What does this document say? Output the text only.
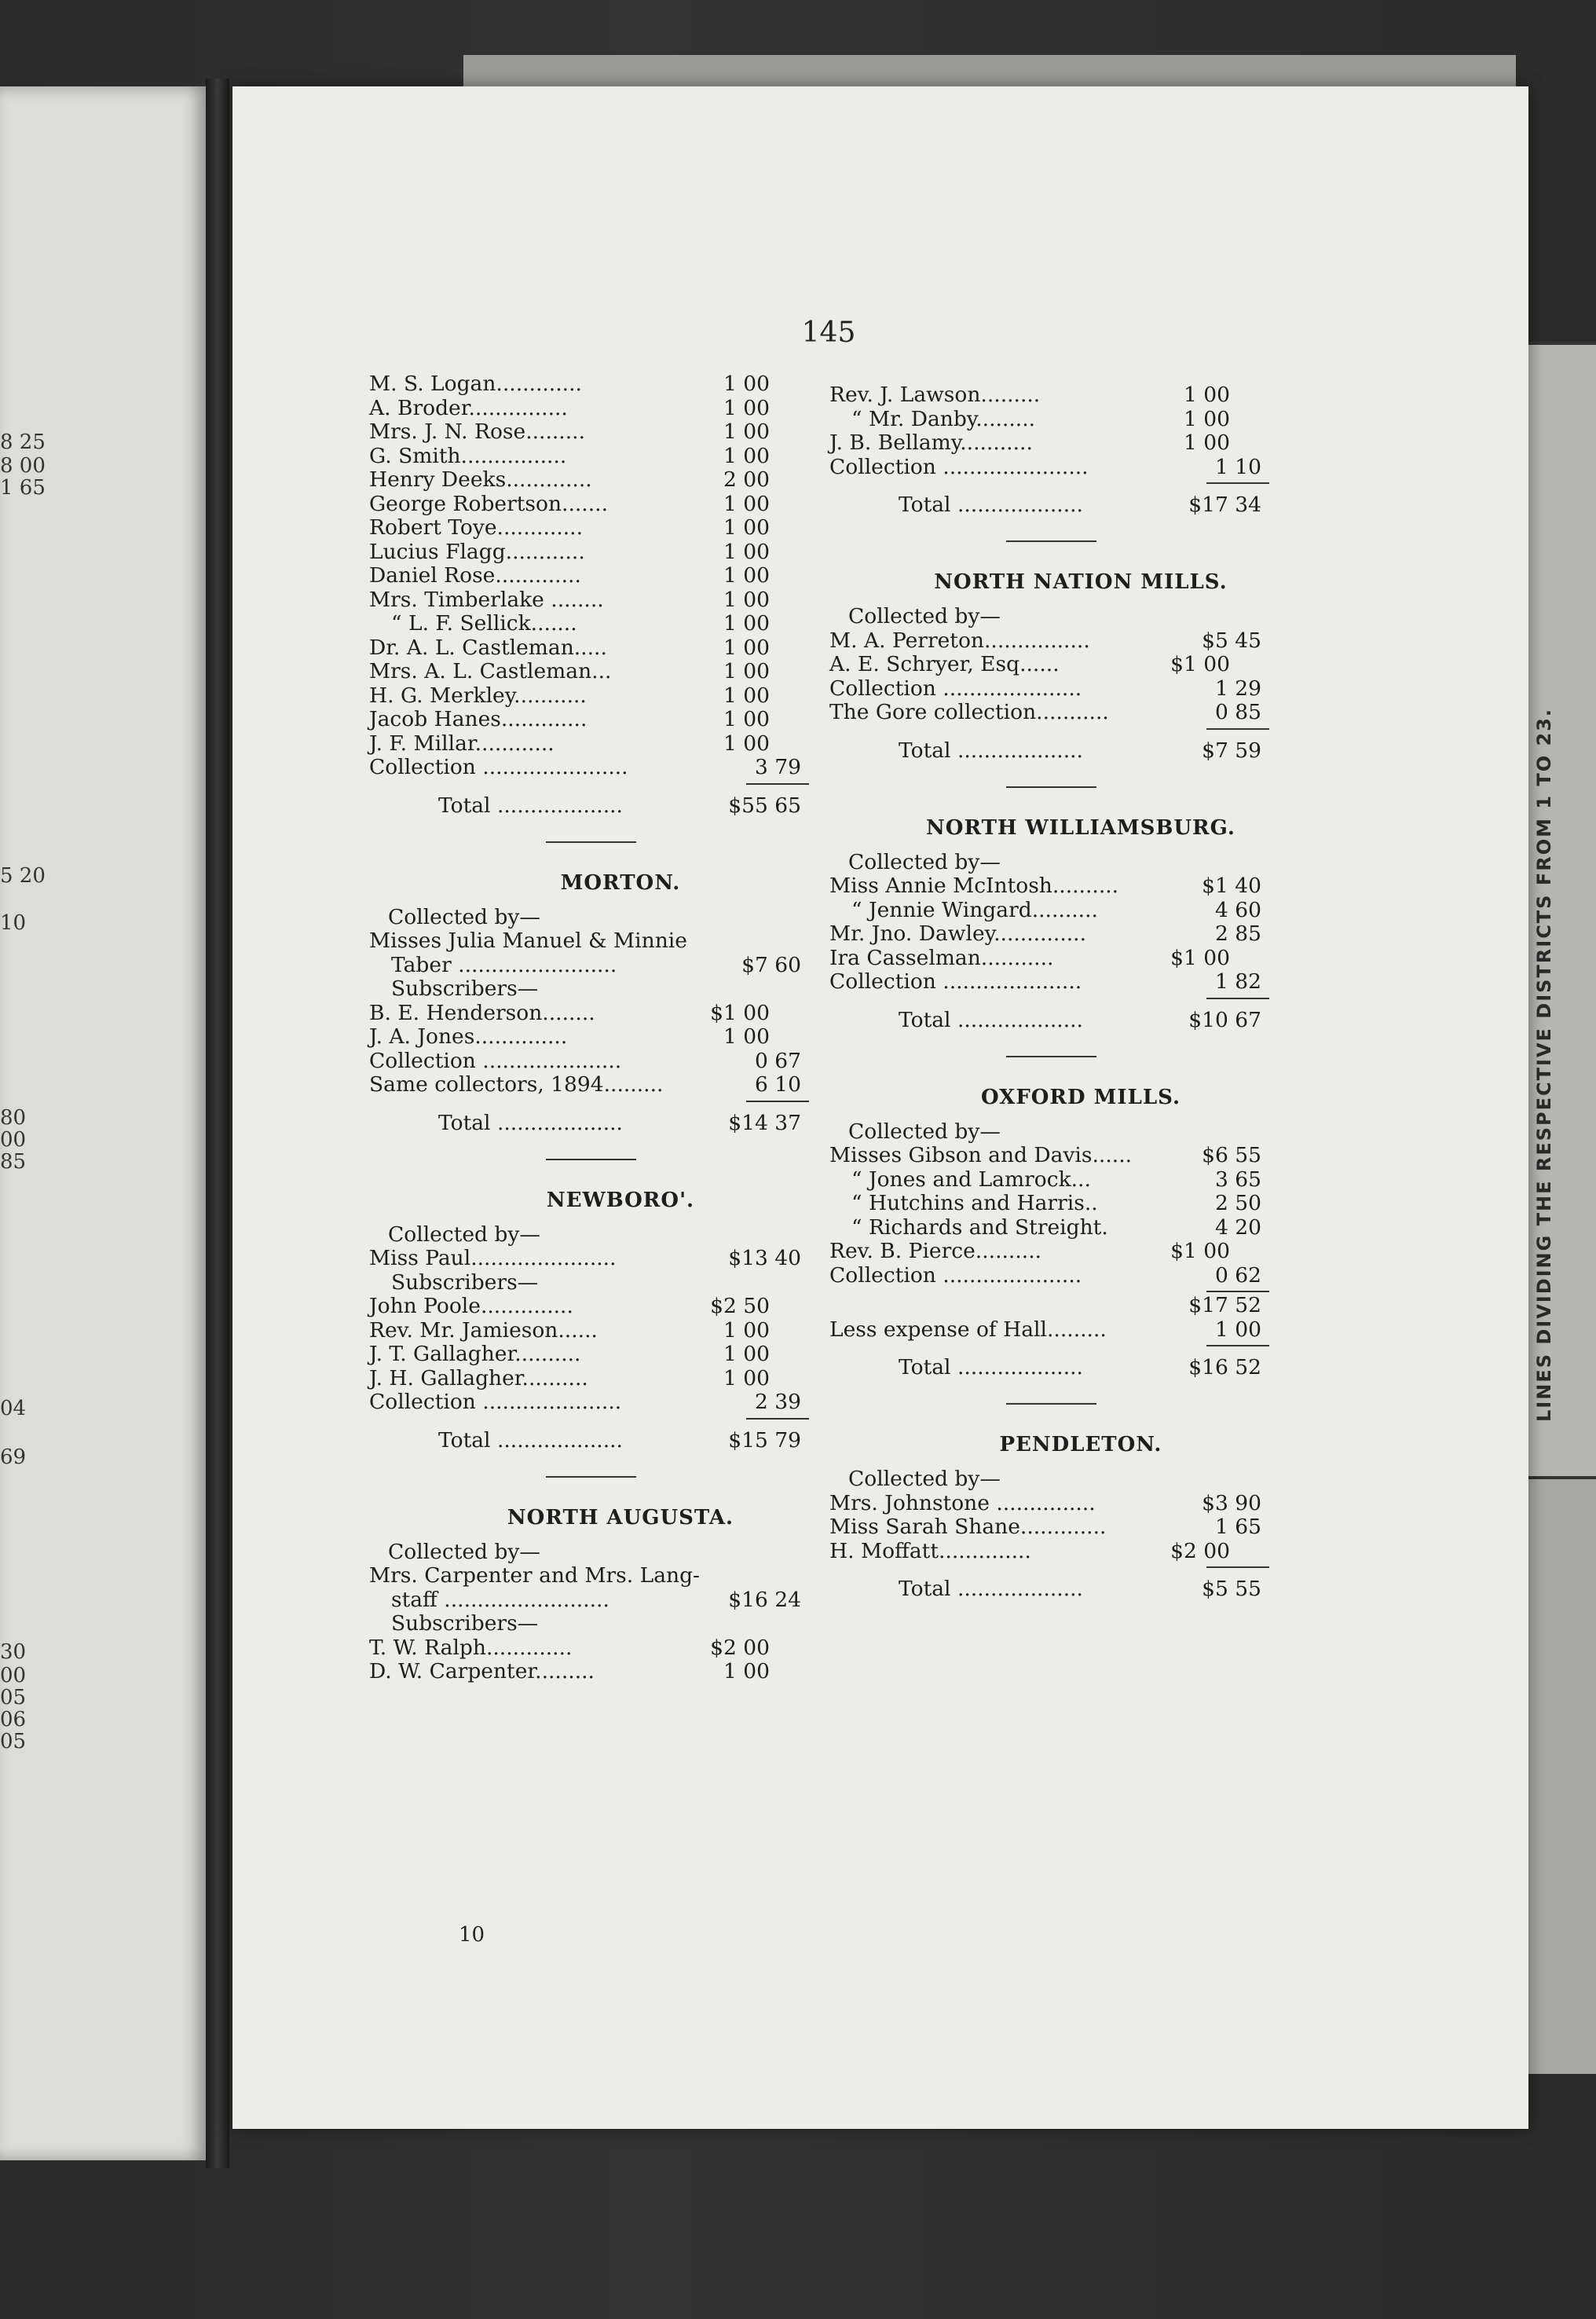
LINES DIVIDING THE RESPECTIVE DISTRICTS FROM 1 TO 23.
8 25
8 00
1 65
5 20
10
80
00
85
04
69
30
00
05
06
05
145
M. S. Logan.............	1 00
A. Broder...............	1 00
Mrs. J. N. Rose.........	1 00
G. Smith................	1 00
Henry Deeks.............	2 00
George Robertson.......	1 00
Robert Toye.............	1 00
Lucius Flagg............	1 00
Daniel Rose.............	1 00
Mrs. Timberlake ........	1 00
“ L. F. Sellick.......	1 00
Dr. A. L. Castleman.....	1 00
Mrs. A. L. Castleman...	1 00
H. G. Merkley...........	1 00
Jacob Hanes.............	1 00
J. F. Millar............	1 00
Collection ......................	3 79
Total ...................	$55 65
MORTON.
Collected by—
Misses Julia Manuel & Minnie
Taber ........................	$7 60
Subscribers—
B. E. Henderson........	$1 00
J. A. Jones..............	1 00
Collection .....................	0 67
Same collectors, 1894.........	6 10
Total ...................	$14 37
NEWBORO'.
Collected by—
Miss Paul......................	$13 40
Subscribers—
John Poole..............	$2 50
Rev. Mr. Jamieson......	1 00
J. T. Gallagher..........	1 00
J. H. Gallagher..........	1 00
Collection .....................	2 39
Total ...................	$15 79
NORTH AUGUSTA.
Collected by—
Mrs. Carpenter and Mrs. Lang-
staff .........................	$16 24
Subscribers—
T. W. Ralph.............	$2 00
D. W. Carpenter.........	1 00
Rev. J. Lawson.........	1 00
“ Mr. Danby.........	1 00
J. B. Bellamy...........	1 00
Collection ......................	1 10
Total ...................	$17 34
NORTH NATION MILLS.
Collected by—
M. A. Perreton................	$5 45
A. E. Schryer, Esq......	$1 00
Collection .....................	1 29
The Gore collection...........	0 85
Total ...................	$7 59
NORTH WILLIAMSBURG.
Collected by—
Miss Annie McIntosh..........	$1 40
“ Jennie Wingard..........	4 60
Mr. Jno. Dawley..............	2 85
Ira Casselman...........	$1 00
Collection .....................	1 82
Total ...................	$10 67
OXFORD MILLS.
Collected by—
Misses Gibson and Davis......	$6 55
“ Jones and Lamrock...	3 65
“ Hutchins and Harris..	2 50
“ Richards and Streight.	4 20
Rev. B. Pierce..........	$1 00
Collection .....................	0 62
$17 52
Less expense of Hall.........	1 00
Total ...................	$16 52
PENDLETON.
Collected by—
Mrs. Johnstone ...............	$3 90
Miss Sarah Shane.............	1 65
H. Moffatt..............	$2 00
Total ...................	$5 55
10
